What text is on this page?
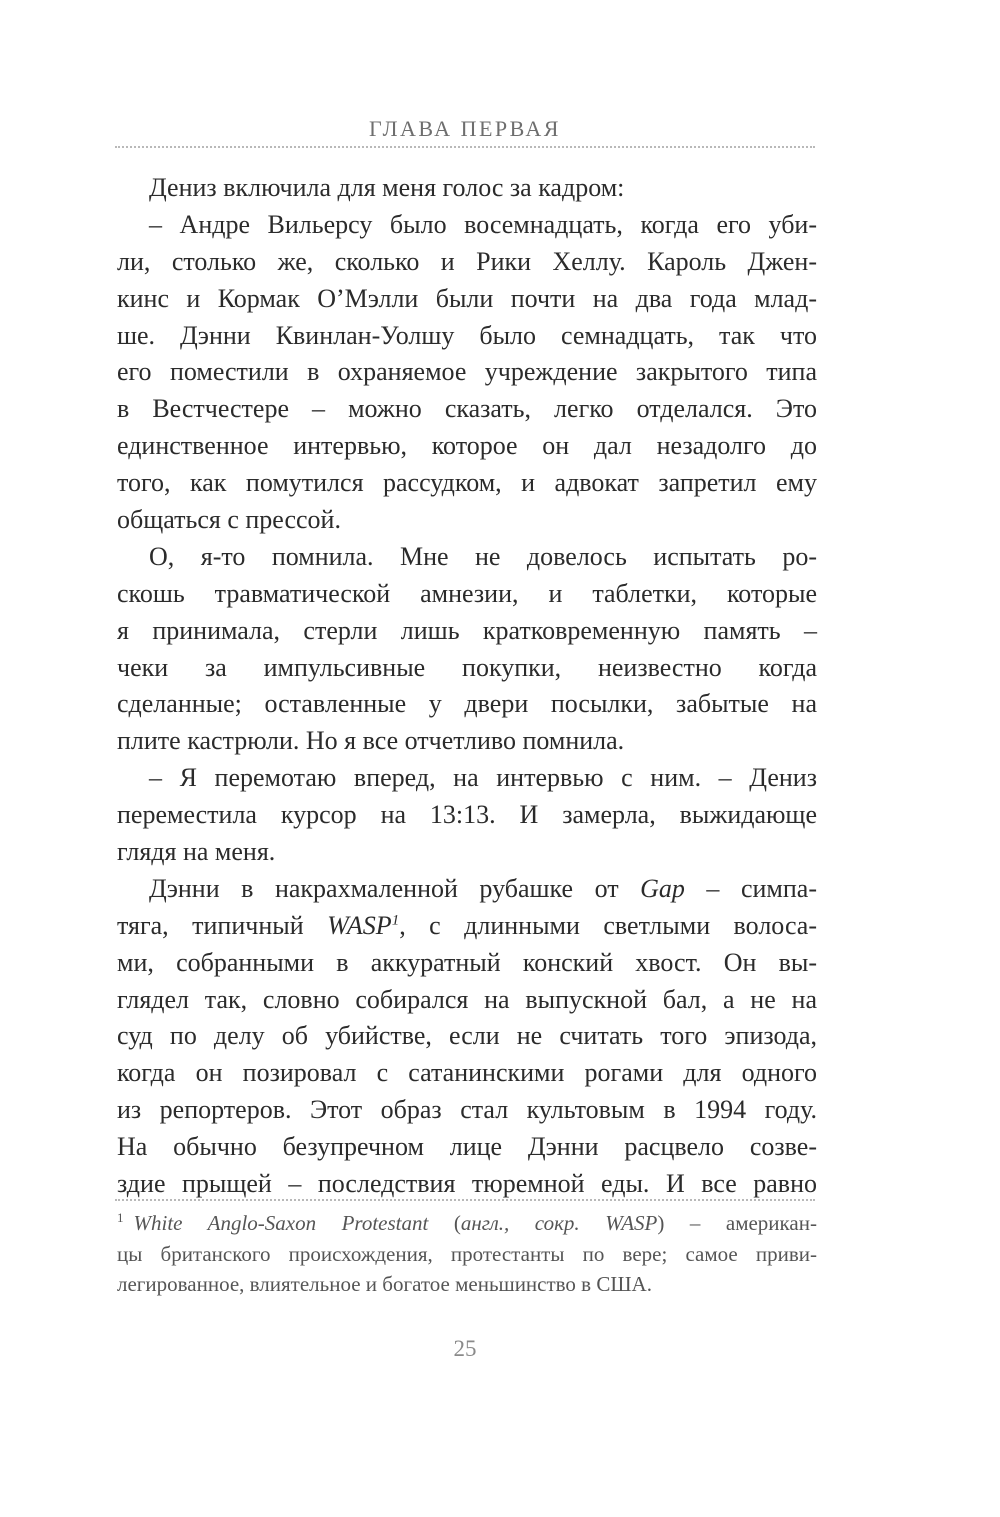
ГЛАВА ПЕРВАЯ
Дениз включила для меня голос за кадром:
– Андре Вильерсу было восемнадцать, когда его уби-
ли, столько же, сколько и Рики Хеллу. Кароль Джен-
кинс и Кормак О’Мэлли были почти на два года млад-
ше. Дэнни Квинлан-Уолшу было семнадцать, так что
его поместили в охраняемое учреждение закрытого типа
в Вестчестере – можно сказать, легко отделался. Это
единственное интервью, которое он дал незадолго до
того, как помутился рассудком, и адвокат запретил ему
общаться с прессой.
О, я-то помнила. Мне не довелось испытать ро-
скошь травматической амнезии, и таблетки, которые
я принимала, стерли лишь кратковременную память –
чеки за импульсивные покупки, неизвестно когда
сделанные; оставленные у двери посылки, забытые на
плите кастрюли. Но я все отчетливо помнила.
– Я перемотаю вперед, на интервью с ним. – Дениз
переместила курсор на 13:13. И замерла, выжидающе
глядя на меня.
Дэнни в накрахмаленной рубашке от Gap – симпа-
тяга, типичный WASP$^1$, с длинными светлыми волоса-
ми, собранными в аккуратный конский хвост. Он вы-
глядел так, словно собирался на выпускной бал, а не на
суд по делу об убийстве, если не считать того эпизода,
когда он позировал с сатанинскими рогами для одного
из репортеров. Этот образ стал культовым в 1994 году.
На обычно безупречном лице Дэнни расцвело созве-
здие прыщей – последствия тюремной еды. И все равно
$^1$ White Anglo-Saxon Protestant (англ., сокр. WASP) – американ-
цы британского происхождения, протестанты по вере; самое приви-
легированное, влиятельное и богатое меньшинство в США.
25
